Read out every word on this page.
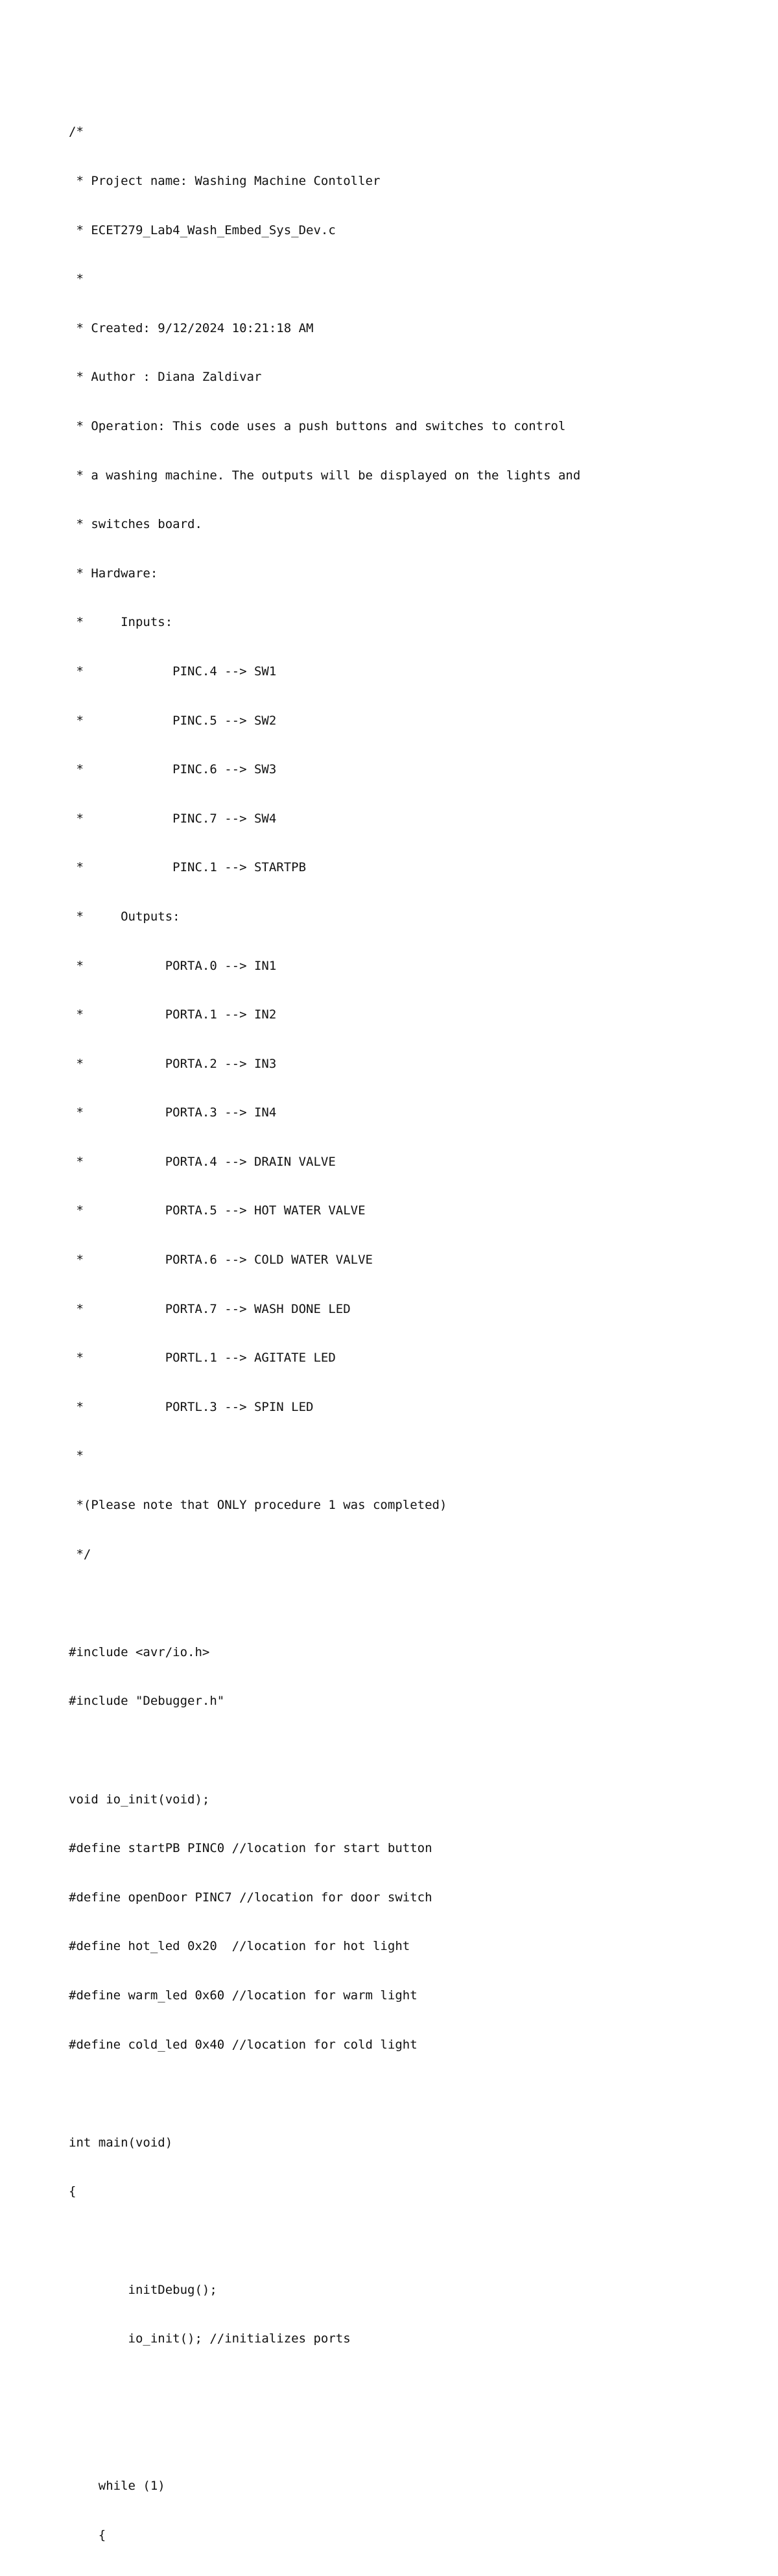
/*

* Project name: Washing Machine Contoller

* ECET279_Lab4_Wash_Embed_Sys_Dev.c

*

* Created: 9/12/2024 10:21:18 AM

* Author : Diana Zaldivar

* Operation: This code uses a push buttons and switches to control

* a washing machine. The outputs will be displayed on the lights and

* switches board.

* Hardware:

*     Inputs:

*            PINC.4 --> SW1

*            PINC.5 --> SW2

*            PINC.6 --> SW3

*            PINC.7 --> SW4

*            PINC.1 --> STARTPB

*     Outputs:

*           PORTA.0 --> IN1

*           PORTA.1 --> IN2

*           PORTA.2 --> IN3

*           PORTA.3 --> IN4

*           PORTA.4 --> DRAIN VALVE

*           PORTA.5 --> HOT WATER VALVE

*           PORTA.6 --> COLD WATER VALVE

*           PORTA.7 --> WASH DONE LED

*           PORTL.1 --> AGITATE LED

*           PORTL.3 --> SPIN LED

*

*(Please note that ONLY procedure 1 was completed)

*/

#include <avr/io.h>

#include "Debugger.h"

void io_init(void);

#define startPB PINC0 //location for start button

#define openDoor PINC7 //location for door switch

#define hot_led 0x20  //location for hot light

#define warm_led 0x60 //location for warm light

#define cold_led 0x40 //location for cold light

int main(void)

{

initDebug();

io_init(); //initializes ports

while (1)

{
